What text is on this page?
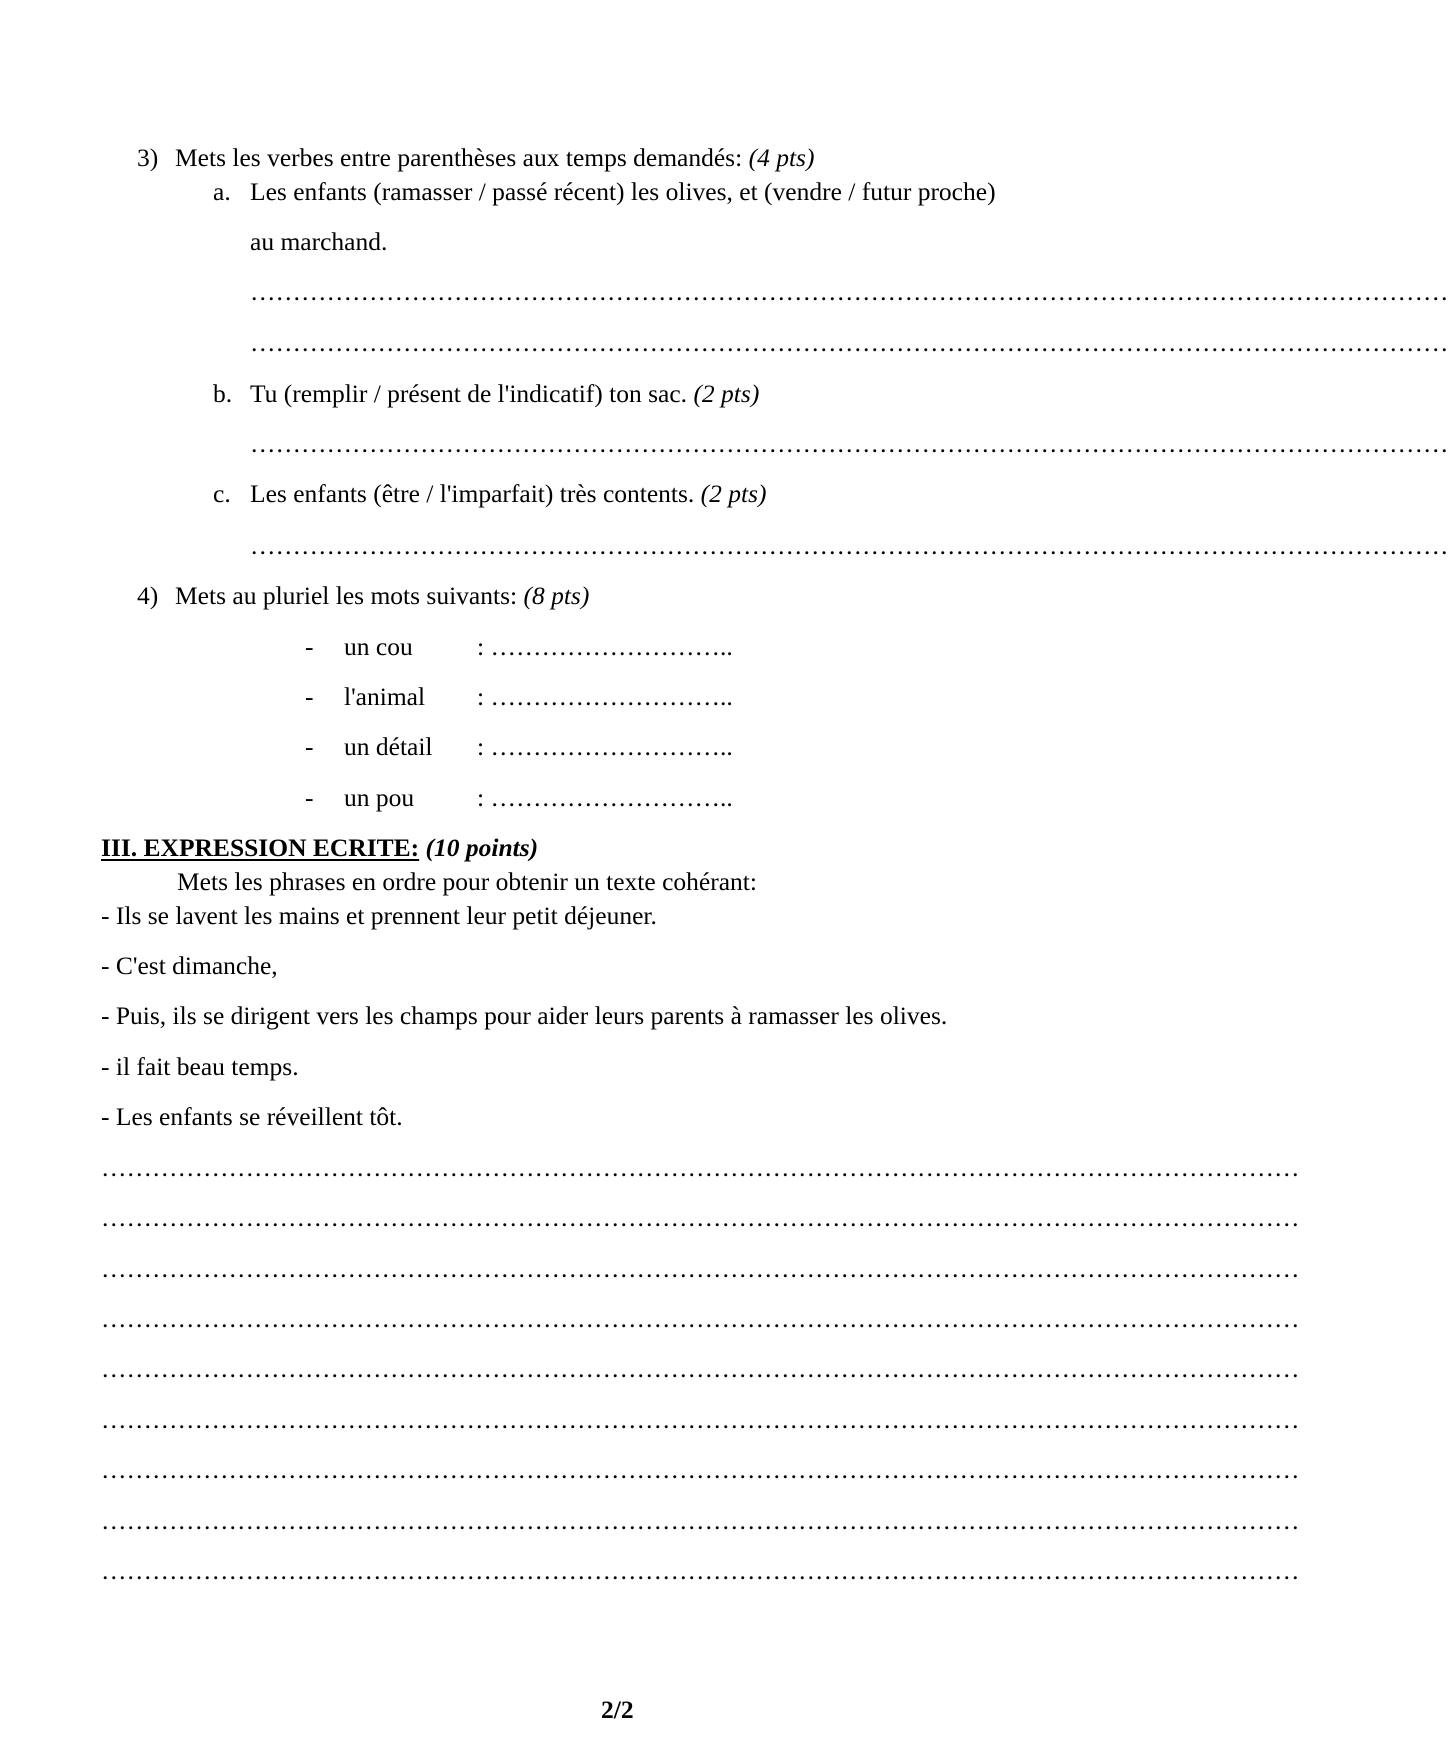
3) Mets les verbes entre parenthèses aux temps demandés: (4 pts)
a. Les enfants (ramasser / passé récent) les olives, et (vendre / futur proche)
au marchand.
……………………………………………………………………………………………………………………………
……………………………………………………………………………………………………………………………
b. Tu (remplir / présent de l'indicatif) ton sac. (2 pts)
……………………………………………………………………………………………………………………………
c. Les enfants (être / l'imparfait) très contents. (2 pts)
……………………………………………………………………………………………………………………………
4) Mets au pluriel les mots suivants: (8 pts)
- un cou	: ………………………..
- l'animal : ………………………..
- un détail : ………………………..
- un pou : ………………………..
III. EXPRESSION ECRITE: (10 points)
Mets les phrases en ordre pour obtenir un texte cohérant:
- Ils se lavent les mains et prennent leur petit déjeuner.
- C'est dimanche,
- Puis, ils se dirigent vers les champs pour aider leurs parents à ramasser les olives.
- il fait beau temps.
- Les enfants se réveillent tôt.
……………………………………………………………………………………………………………………………
……………………………………………………………………………………………………………………………
……………………………………………………………………………………………………………………………
……………………………………………………………………………………………………………………………
……………………………………………………………………………………………………………………………
……………………………………………………………………………………………………………………………
……………………………………………………………………………………………………………………………
……………………………………………………………………………………………………………………………
……………………………………………………………………………………………………………………………
2/2
